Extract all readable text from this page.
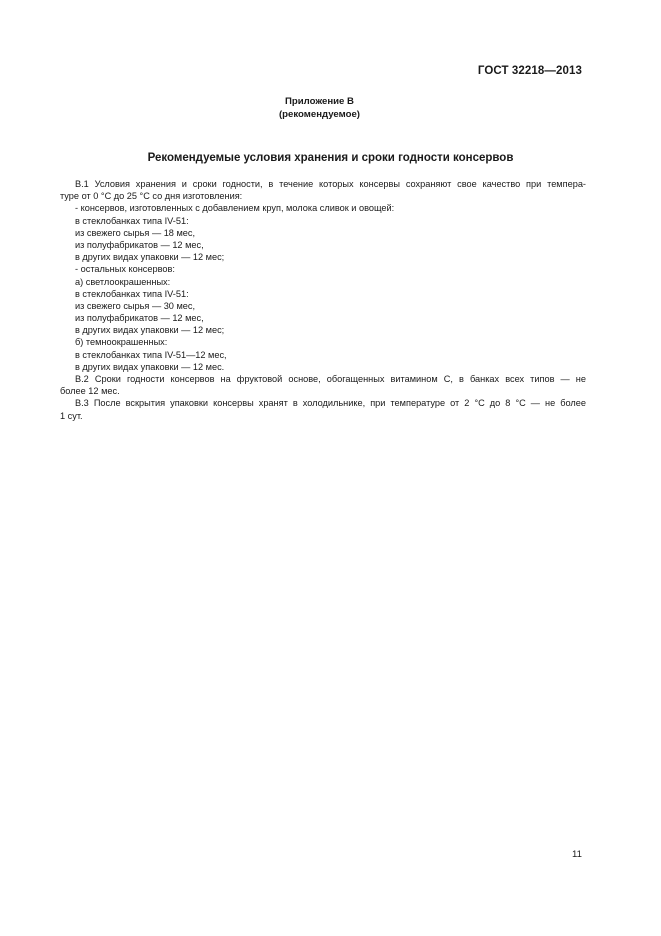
ГОСТ 32218—2013
Приложение В
(рекомендуемое)
Рекомендуемые условия хранения и сроки годности консервов
В.1 Условия хранения и сроки годности, в течение которых консервы сохраняют свое качество при темпера-
туре от 0 °С до 25 °С со дня изготовления:
- консервов, изготовленных с добавлением круп, молока сливок и овощей:
в стеклобанках типа IV-51:
из свежего сырья — 18 мес,
из полуфабрикатов — 12 мес,
в других видах упаковки — 12 мес;
- остальных консервов:
а) светлоокрашенных:
в стеклобанках типа IV-51:
из свежего сырья — 30 мес,
из полуфабрикатов — 12 мес,
в других видах упаковки — 12 мес;
б) темноокрашенных:
в стеклобанках типа IV-51—12 мес,
в других видах упаковки — 12 мес.
В.2 Сроки годности консервов на фруктовой основе, обогащенных витамином С, в банках всех типов — не
более 12 мес.
В.3 После вскрытия упаковки консервы хранят в холодильнике, при температуре от 2 °С до 8 °С — не более
1 сут.
11
